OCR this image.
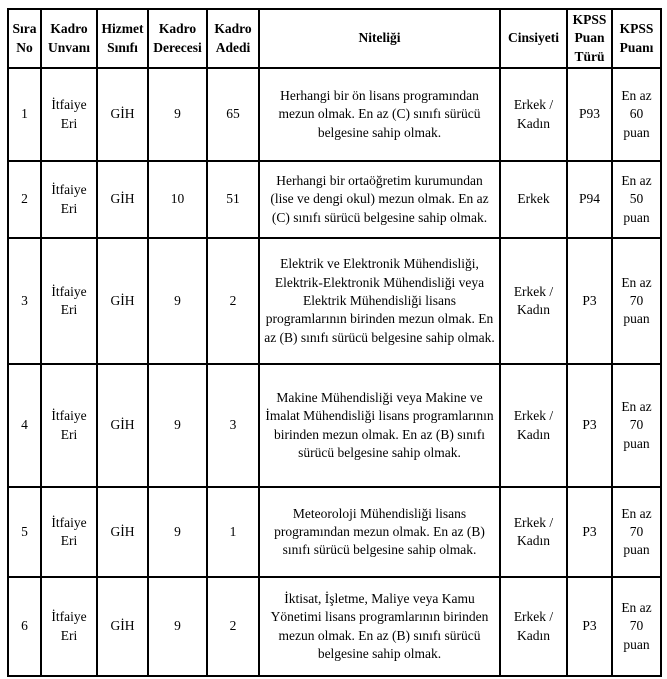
Sıra No	Kadro Unvanı	Hizmet Sınıfı	Kadro Derecesi	Kadro Adedi	Niteliği	Cinsiyeti	KPSS Puan Türü	KPSS Puanı
1	İtfaiye Eri	GİH	9	65	Herhangi bir ön lisans programından mezun olmak. En az (C) sınıfı sürücü belgesine sahip olmak.	Erkek / Kadın	P93	En az 60 puan
2	İtfaiye Eri	GİH	10	51	Herhangi bir ortaöğretim kurumundan (lise ve dengi okul) mezun olmak. En az (C) sınıfı sürücü belgesine sahip olmak.	Erkek	P94	En az 50 puan
3	İtfaiye Eri	GİH	9	2	Elektrik ve Elektronik Mühendisliği, Elektrik-Elektronik Mühendisliği veya Elektrik Mühendisliği lisans programlarının birinden mezun olmak. En az (B) sınıfı sürücü belgesine sahip olmak.	Erkek / Kadın	P3	En az 70 puan
4	İtfaiye Eri	GİH	9	3	Makine Mühendisliği veya Makine ve İmalat Mühendisliği lisans programlarının birinden mezun olmak. En az (B) sınıfı sürücü belgesine sahip olmak.	Erkek / Kadın	P3	En az 70 puan
5	İtfaiye Eri	GİH	9	1	Meteoroloji Mühendisliği lisans programından mezun olmak. En az (B) sınıfı sürücü belgesine sahip olmak.	Erkek / Kadın	P3	En az 70 puan
6	İtfaiye Eri	GİH	9	2	İktisat, İşletme, Maliye veya Kamu Yönetimi lisans programlarının birinden mezun olmak. En az (B) sınıfı sürücü belgesine sahip olmak.	Erkek / Kadın	P3	En az 70 puan
